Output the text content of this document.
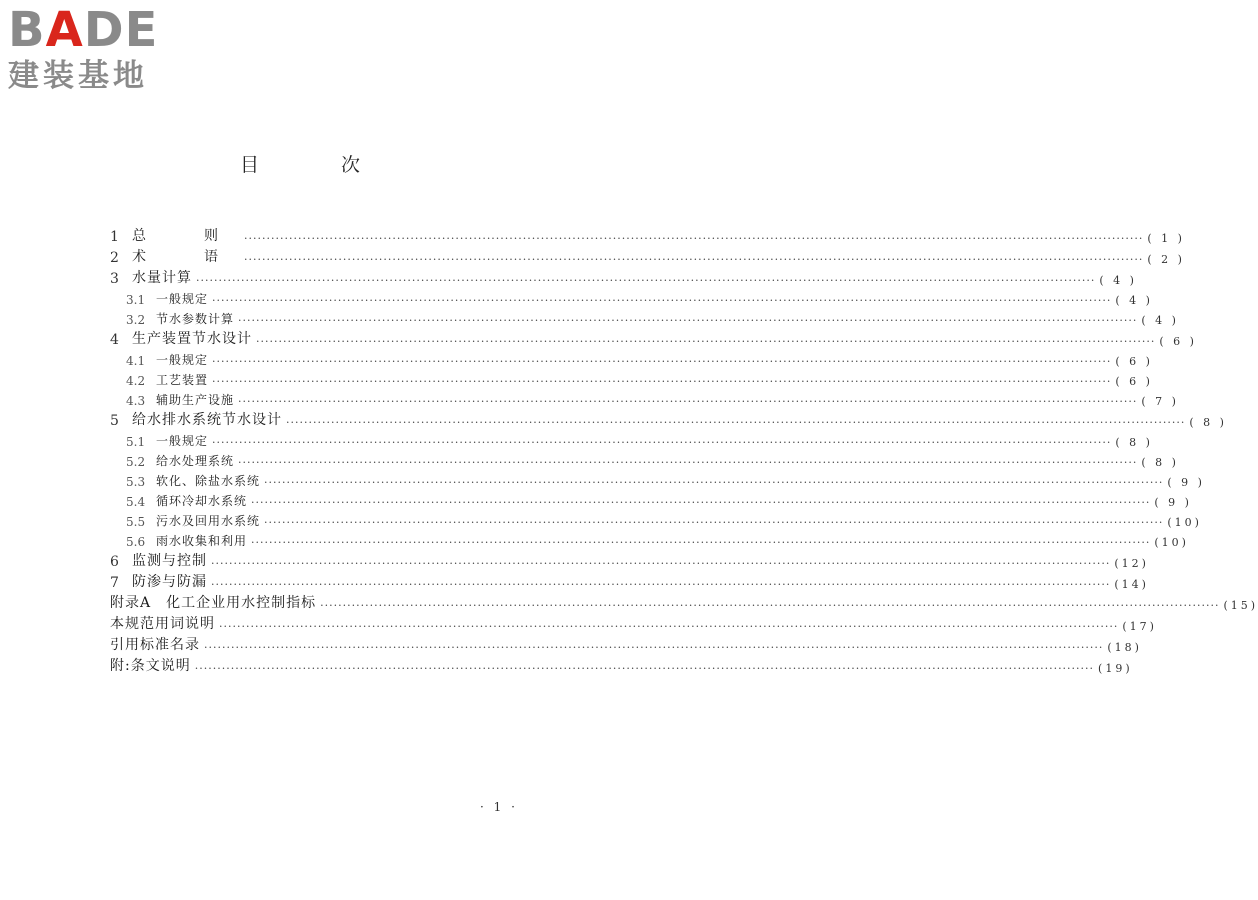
BADE
建装基地
目 次
1 总　则 ········································································································································································································ ( 1 )
2 术　语 ········································································································································································································ ( 2 )
3 水量计算 ········································································································································································································ ( 4 )
3.1 一般规定 ········································································································································································································ ( 4 )
3.2 节水参数计算 ········································································································································································································ ( 4 )
4 生产装置节水设计 ········································································································································································································ ( 6 )
4.1 一般规定 ········································································································································································································ ( 6 )
4.2 工艺装置 ········································································································································································································ ( 6 )
4.3 辅助生产设施 ········································································································································································································ ( 7 )
5 给水排水系统节水设计 ········································································································································································································ ( 8 )
5.1 一般规定 ········································································································································································································ ( 8 )
5.2 给水处理系统 ········································································································································································································ ( 8 )
5.3 软化、除盐水系统 ········································································································································································································ ( 9 )
5.4 循环冷却水系统 ········································································································································································································ ( 9 )
5.5 污水及回用水系统 ········································································································································································································ (10)
5.6 雨水收集和利用 ········································································································································································································ (10)
6 监测与控制 ········································································································································································································ (12)
7 防渗与防漏 ········································································································································································································ (14)
附录A　化工企业用水控制指标 ········································································································································································································ (15)
本规范用词说明 ········································································································································································································ (17)
引用标准名录 ········································································································································································································ (18)
附:条文说明 ········································································································································································································ (19)
· 1 ·
